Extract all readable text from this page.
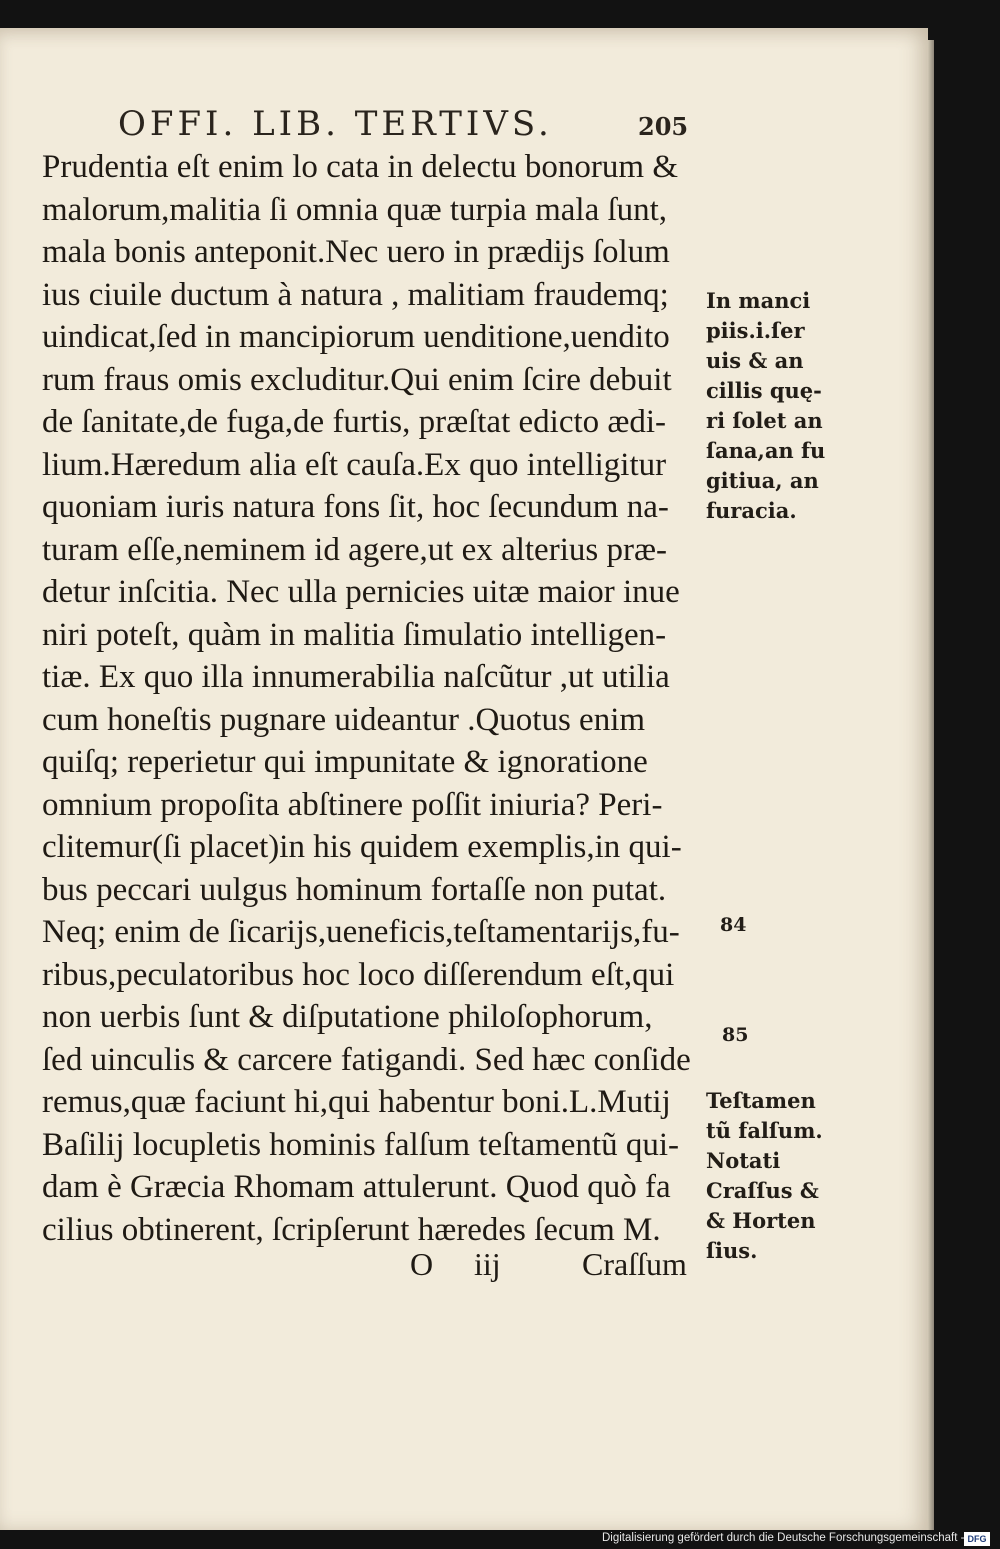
OFFI. LIB. TERTIVS.	205
Prudentia eſt enim lo cata in delectu bonorum &
malorum,malitia ſi omnia quæ turpia mala ſunt,
mala bonis anteponit.Nec uero in prædijs ſolum
ius ciuile ductum à natura , malitiam fraudemq;
uindicat,ſed in mancipiorum uenditione,uendito
rum fraus omis excluditur.Qui enim ſcire debuit
de ſanitate,de fuga,de furtis, præſtat edicto ædi-
lium.Hæredum alia eſt cauſa.Ex quo intelligitur
quoniam iuris natura fons ſit, hoc ſecundum na-
turam eſſe,neminem id agere,ut ex alterius præ-
detur inſcitia. Nec ulla pernicies uitæ maior inue
niri poteſt, quàm in malitia ſimulatio intelligen-
tiæ. Ex quo illa innumerabilia naſcũtur ,ut utilia
cum honeſtis pugnare uideantur .Quotus enim
quiſq; reperietur qui impunitate & ignoratione
omnium propoſita abſtinere poſſit iniuria? Peri-
clitemur(ſi placet)in his quidem exemplis,in qui-
bus peccari uulgus hominum fortaſſe non putat.
Neq; enim de ſicarijs,ueneficis,teſtamentarijs,fu-
ribus,peculatoribus hoc loco diſſerendum eſt,qui
non uerbis ſunt & diſputatione philoſophorum,
ſed uinculis & carcere fatigandi. Sed hæc conſide
remus,quæ faciunt hi,qui habentur boni.L.Mutij
Baſilij locupletis hominis falſum teſtamentũ qui-
dam è Græcia Rhomam attulerunt. Quod quò fa
cilius obtinerent, ſcripſerunt hæredes ſecum M.
O iij	Craſſum
In manci
piis.i.ſer
uis & an
cillis quę-
ri ſolet an
ſana,an fu
gitiua, an
furacia.
84
85
Teſtamen
tũ falſum.
Notati
Craſſus &
& Horten
ſius.
Digitalisierung gefördert durch die Deutsche Forschungsgemeinschaft - DFG
